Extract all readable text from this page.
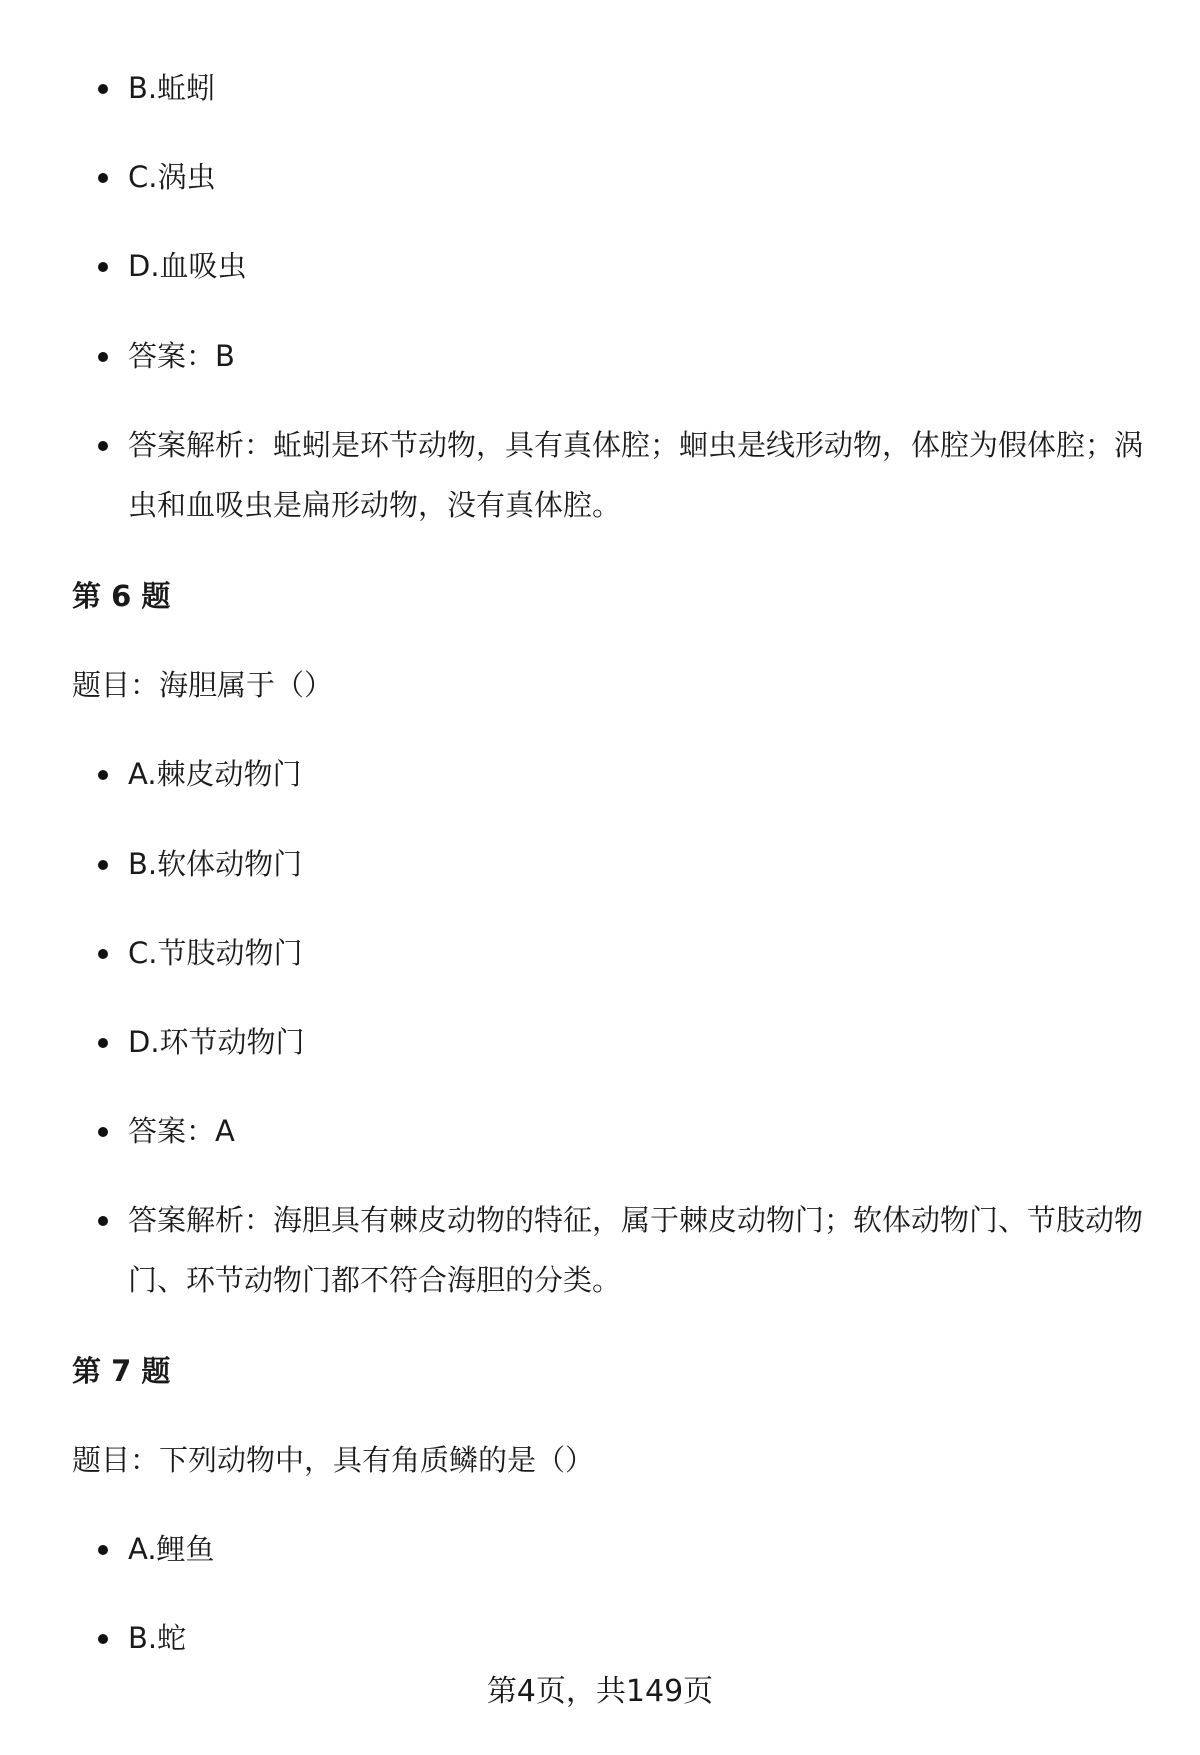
B.蚯蚓
C.涡虫
D.血吸虫
答案：B
答案解析：蚯蚓是环节动物，具有真体腔；蛔虫是线形动物，体腔为假体腔；涡虫和血吸虫是扁形动物，没有真体腔。
第 6 题
题目：海胆属于（）
A.棘皮动物门
B.软体动物门
C.节肢动物门
D.环节动物门
答案：A
答案解析：海胆具有棘皮动物的特征，属于棘皮动物门；软体动物门、节肢动物门、环节动物门都不符合海胆的分类。
第 7 题
题目：下列动物中，具有角质鳞的是（）
A.鲤鱼
B.蛇
第4页，共149页
